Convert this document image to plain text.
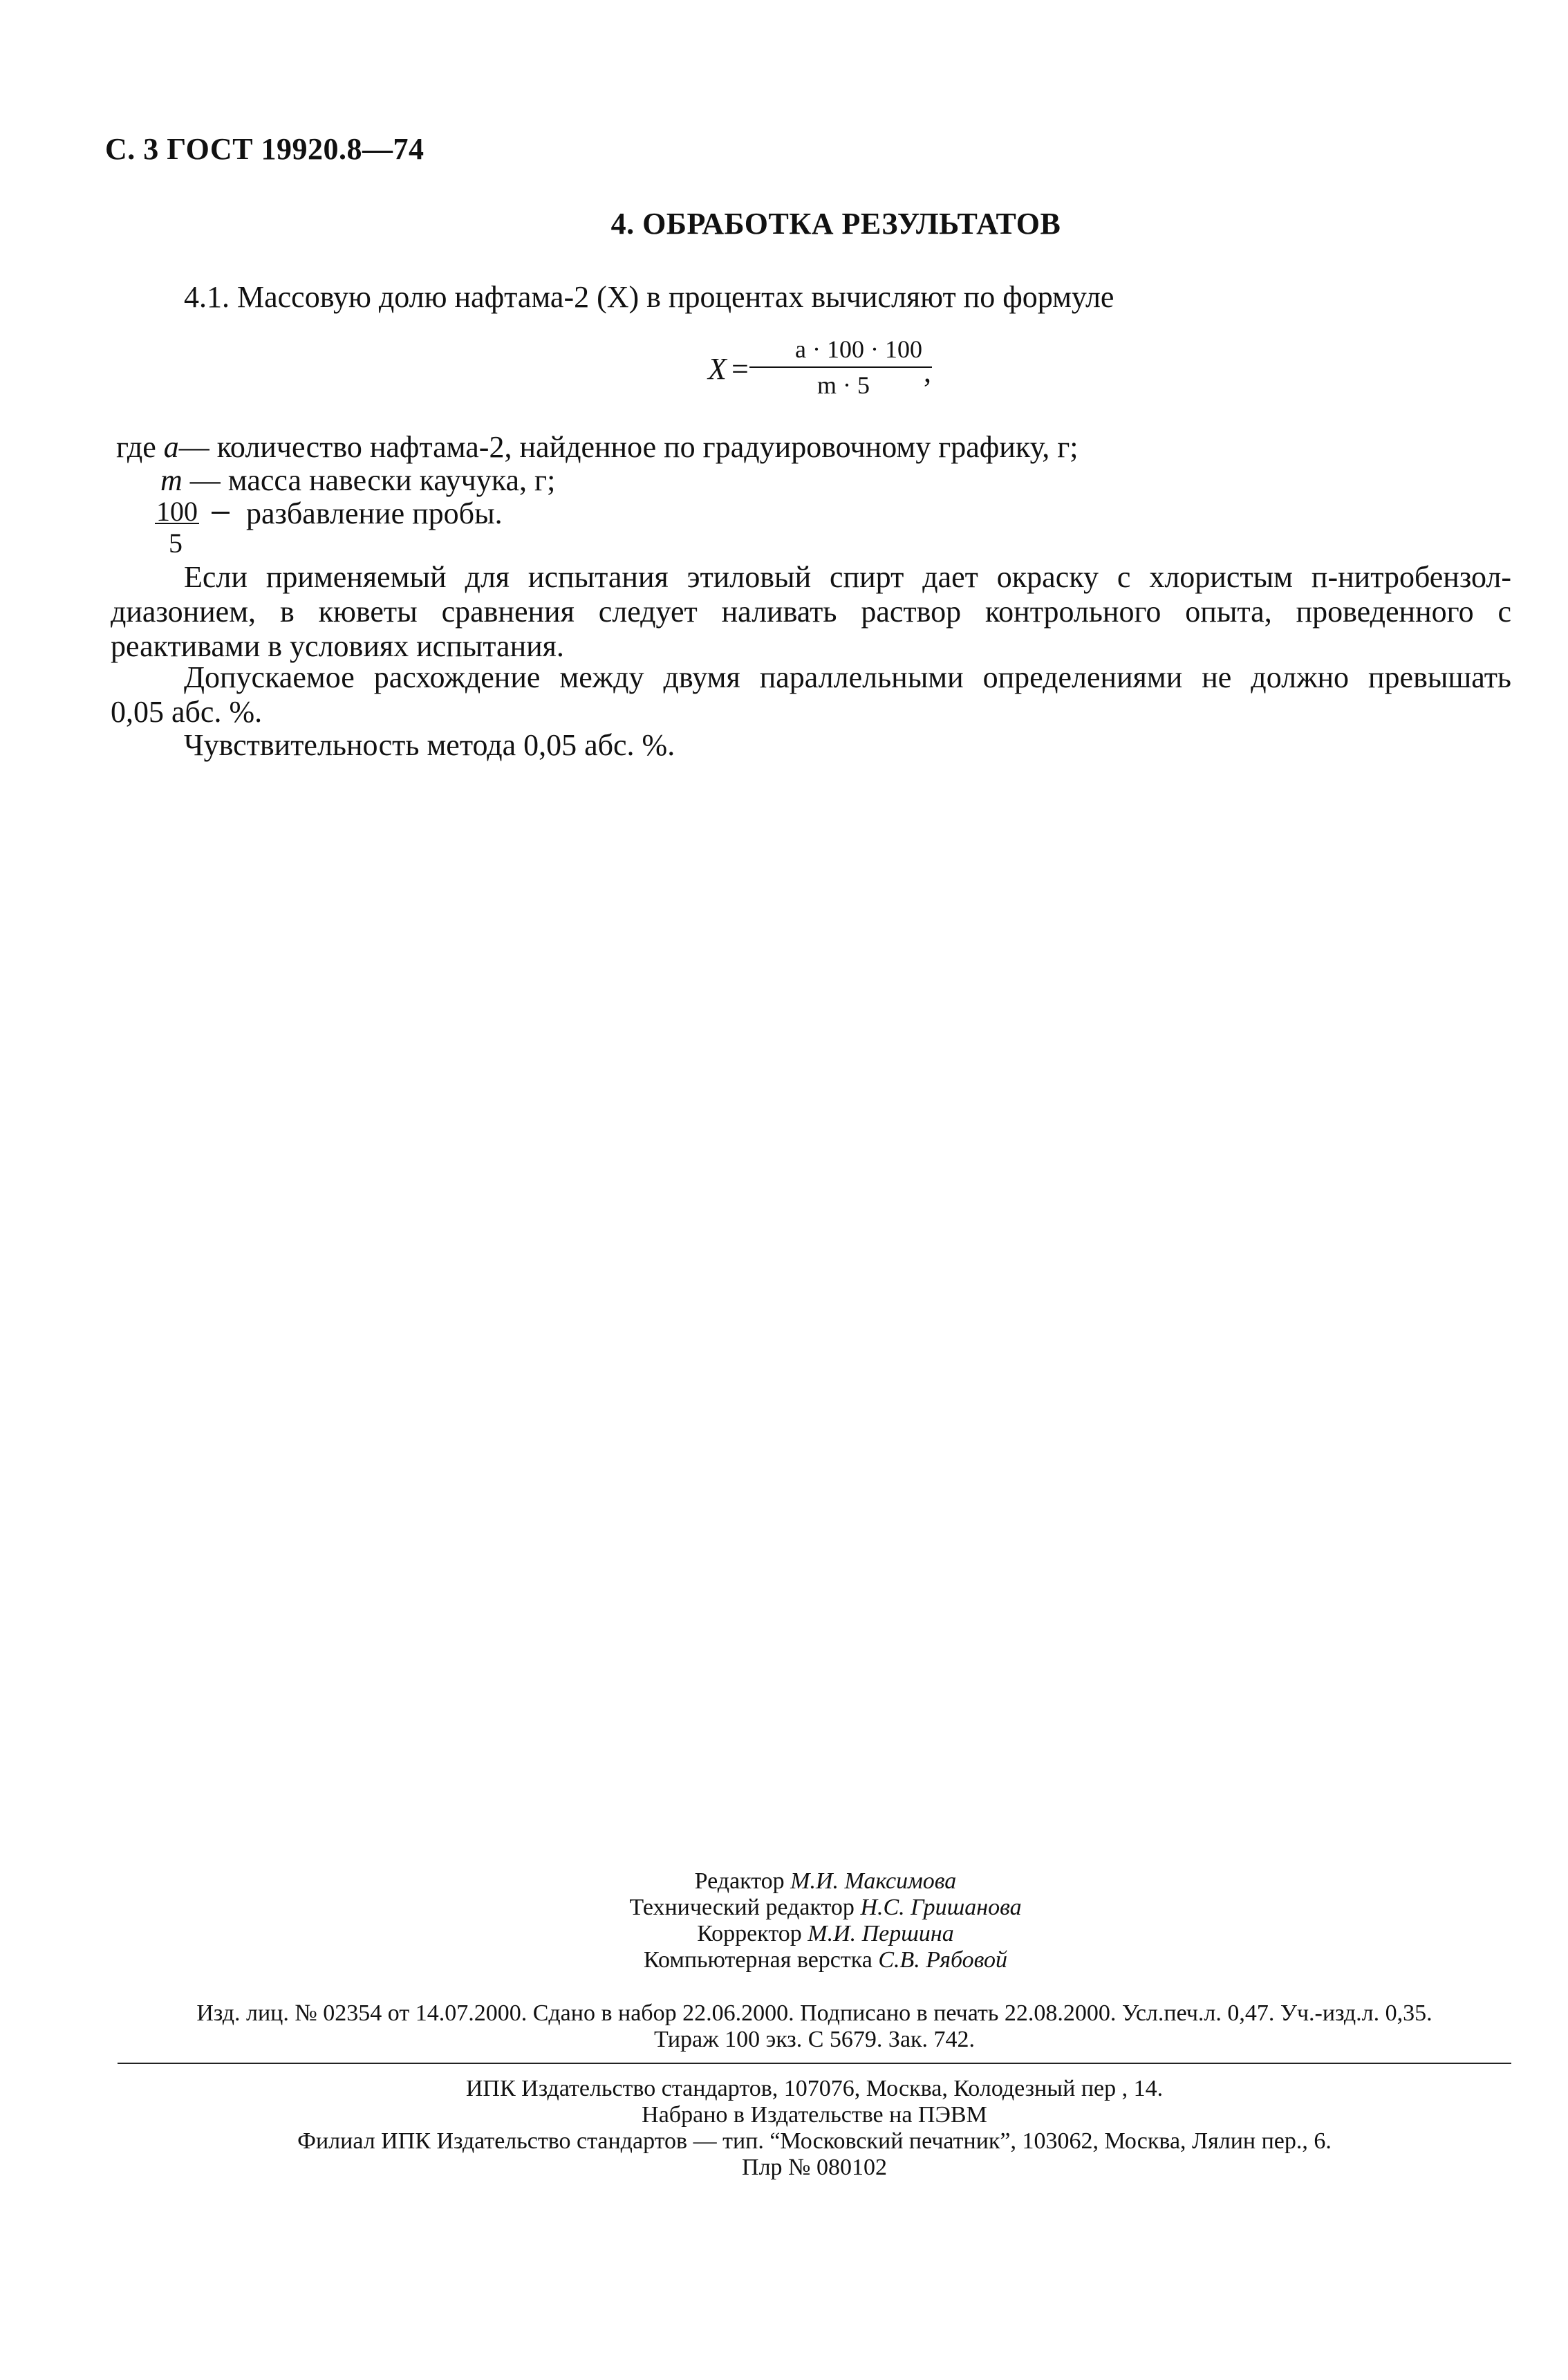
С. 3 ГОСТ 19920.8—74
4. ОБРАБОТКА РЕЗУЛЬТАТОВ
4.1. Массовую долю нафтама-2 (Х) в процентах вычисляют по формуле
X =
a · 100 · 100
m · 5 ,
где a— количество нафтама-2, найденное по градуировочному графику, г;
m — масса навески каучука, г;
100
5
разбавление пробы.
Если применяемый для испытания этиловый спирт дает окраску с хлористым п-нитробензол-
диазонием, в кюветы сравнения следует наливать раствор контрольного опыта, проведенного с
реактивами в условиях испытания.
Допускаемое расхождение между двумя параллельными определениями не должно превышать
0,05 абс. %.
Чувствительность метода 0,05 абс. %.
Редактор М.И. Максимова
Технический редактор Н.С. Гришанова
Корректор М.И. Першина
Компьютерная верстка С.В. Рябовой
Изд. лиц. № 02354 от 14.07.2000. Сдано в набор 22.06.2000. Подписано в печать 22.08.2000. Усл.печ.л. 0,47. Уч.-изд.л. 0,35.
Тираж 100 экз. С 5679. Зак. 742.
ИПК Издательство стандартов, 107076, Москва, Колодезный пер , 14.
Набрано в Издательстве на ПЭВМ
Филиал ИПК Издательство стандартов — тип. “Московский печатник”, 103062, Москва, Лялин пер., 6.
Плр № 080102
